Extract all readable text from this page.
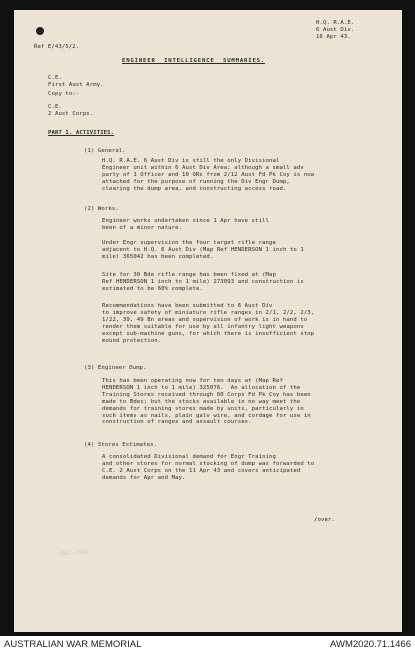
H.Q. R.A.E.
6 Aust Div.
16 Apr 43.
Ref E/43/5/2.
ENGINEER  INTELLIGENCE  SUMMARIES.
C.E.
First Aust Army.
Copy to:-
C.E.
2 Aust Corps.
PART 1. ACTIVITIES.
(1) General.
H.Q. R.A.E. 6 Aust Div is still the only Divisional
Engineer unit within 6 Aust Div Area; although a small adv
party of 1 Officer and 10 ORs from 2/12 Aust Fd Pk Coy is now
attached for the purpose of running the Div Engr Dump,
clearing the dump area, and constructing access road.
(2) Works.
Engineer works undertaken since 1 Apr have still
been of a minor nature.
Under Engr supervision the four target rifle range
adjacent to H.Q. 6 Aust Div (Map Ref HENDERSON 1 inch to 1
mile) 365042 has been completed.
Site for 30 Bde rifle range has been fixed at (Map
Ref HENDERSON 1 inch to 1 mile) 273093 and construction is
estimated to be 60% complete.
Recommendations have been submitted to 6 Aust Div
to improve safety of miniature rifle ranges in 2/1, 2/2, 2/3,
1/22, 39, 49 Bn areas and supervision of work is in hand to
render them suitable for use by all infantry light weapons
except sub-machine guns, for which there is insufficient stop
mound protection.
(3) Engineer Dump.
This has been operating now for ten days at (Map Ref
HENDERSON 1 inch to 1 mile) 325076.  An allocation of the
Training Stores received through 60 Corps Fd Pk Coy has been
made to Bdes; but the stocks available in no way meet the
demands for training stores made by units, particularly in
such items as nails, plain galv wire, and cordage for use in
construction of ranges and assault courses.
(4) Stores Estimates.
A consolidated Divisional demand for Engr Training
and other stores for normal stocking of dump was forwarded to
C.E. 2 Aust Corps on the 11 Apr 43 and covers anticipated
demands for Apr and May.
/over.
1942 - 1943 ...
AUSTRALIAN WAR MEMORIAL	AWM2020.71.1466
